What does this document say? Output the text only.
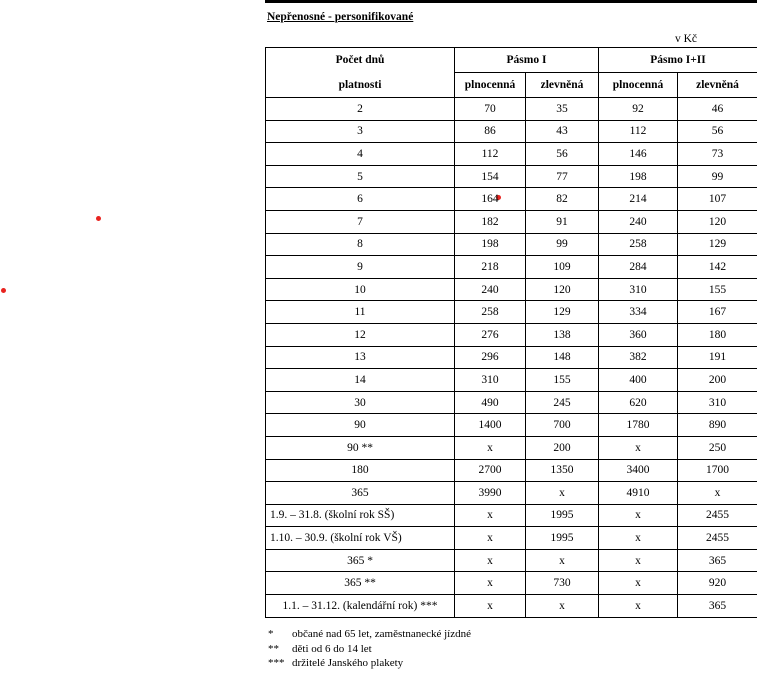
Nepřenosné - personifikované
v Kč
Počet dnů	Pásmo I		Pásmo I+II	
platnosti	plnocenná	zlevněná	plnocenná	zlevněná
2	70	35	92	46
3	86	43	112	56
4	112	56	146	73
5	154	77	198	99
6	164	82	214	107
7	182	91	240	120
8	198	99	258	129
9	218	109	284	142
10	240	120	310	155
11	258	129	334	167
12	276	138	360	180
13	296	148	382	191
14	310	155	400	200
30	490	245	620	310
90	1400	700	1780	890
90 **	x	200	x	250
180	2700	1350	3400	1700
365	3990	x	4910	x
1.9. – 31.8. (školní rok SŠ)	x	1995	x	2455
1.10. – 30.9. (školní rok VŠ)	x	1995	x	2455
365 *	x	x	x	365
365 **	x	730	x	920
1.1. – 31.12. (kalendářní rok) ***	x	x	x	365
* občané nad 65 let, zaměstnanecké jízdné
** děti od 6 do 14 let
*** držitelé Janského plakety
